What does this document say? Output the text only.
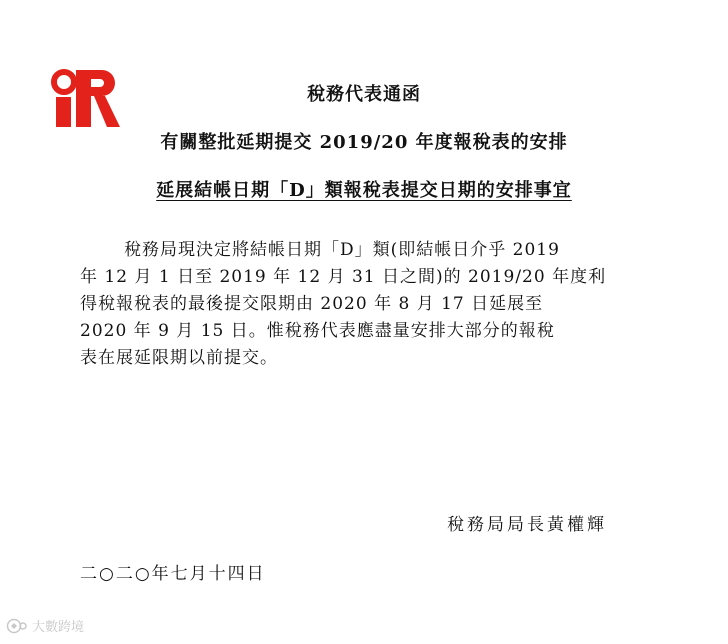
稅務代表通函
有關整批延期提交 2019/20 年度報稅表的安排
延展結帳日期「D」類報稅表提交日期的安排事宜
稅務局現決定將結帳日期「D」類(即結帳日介乎 2019
年 12 月 1 日至 2019 年 12 月 31 日之間)的 2019/20 年度利
得稅報稅表的最後提交限期由 2020 年 8 月 17 日延展至
2020 年 9 月 15 日。惟稅務代表應盡量安排大部分的報稅
表在展延限期以前提交。
稅務局局長黃權輝
二○二○年七月十四日
大數跨境
